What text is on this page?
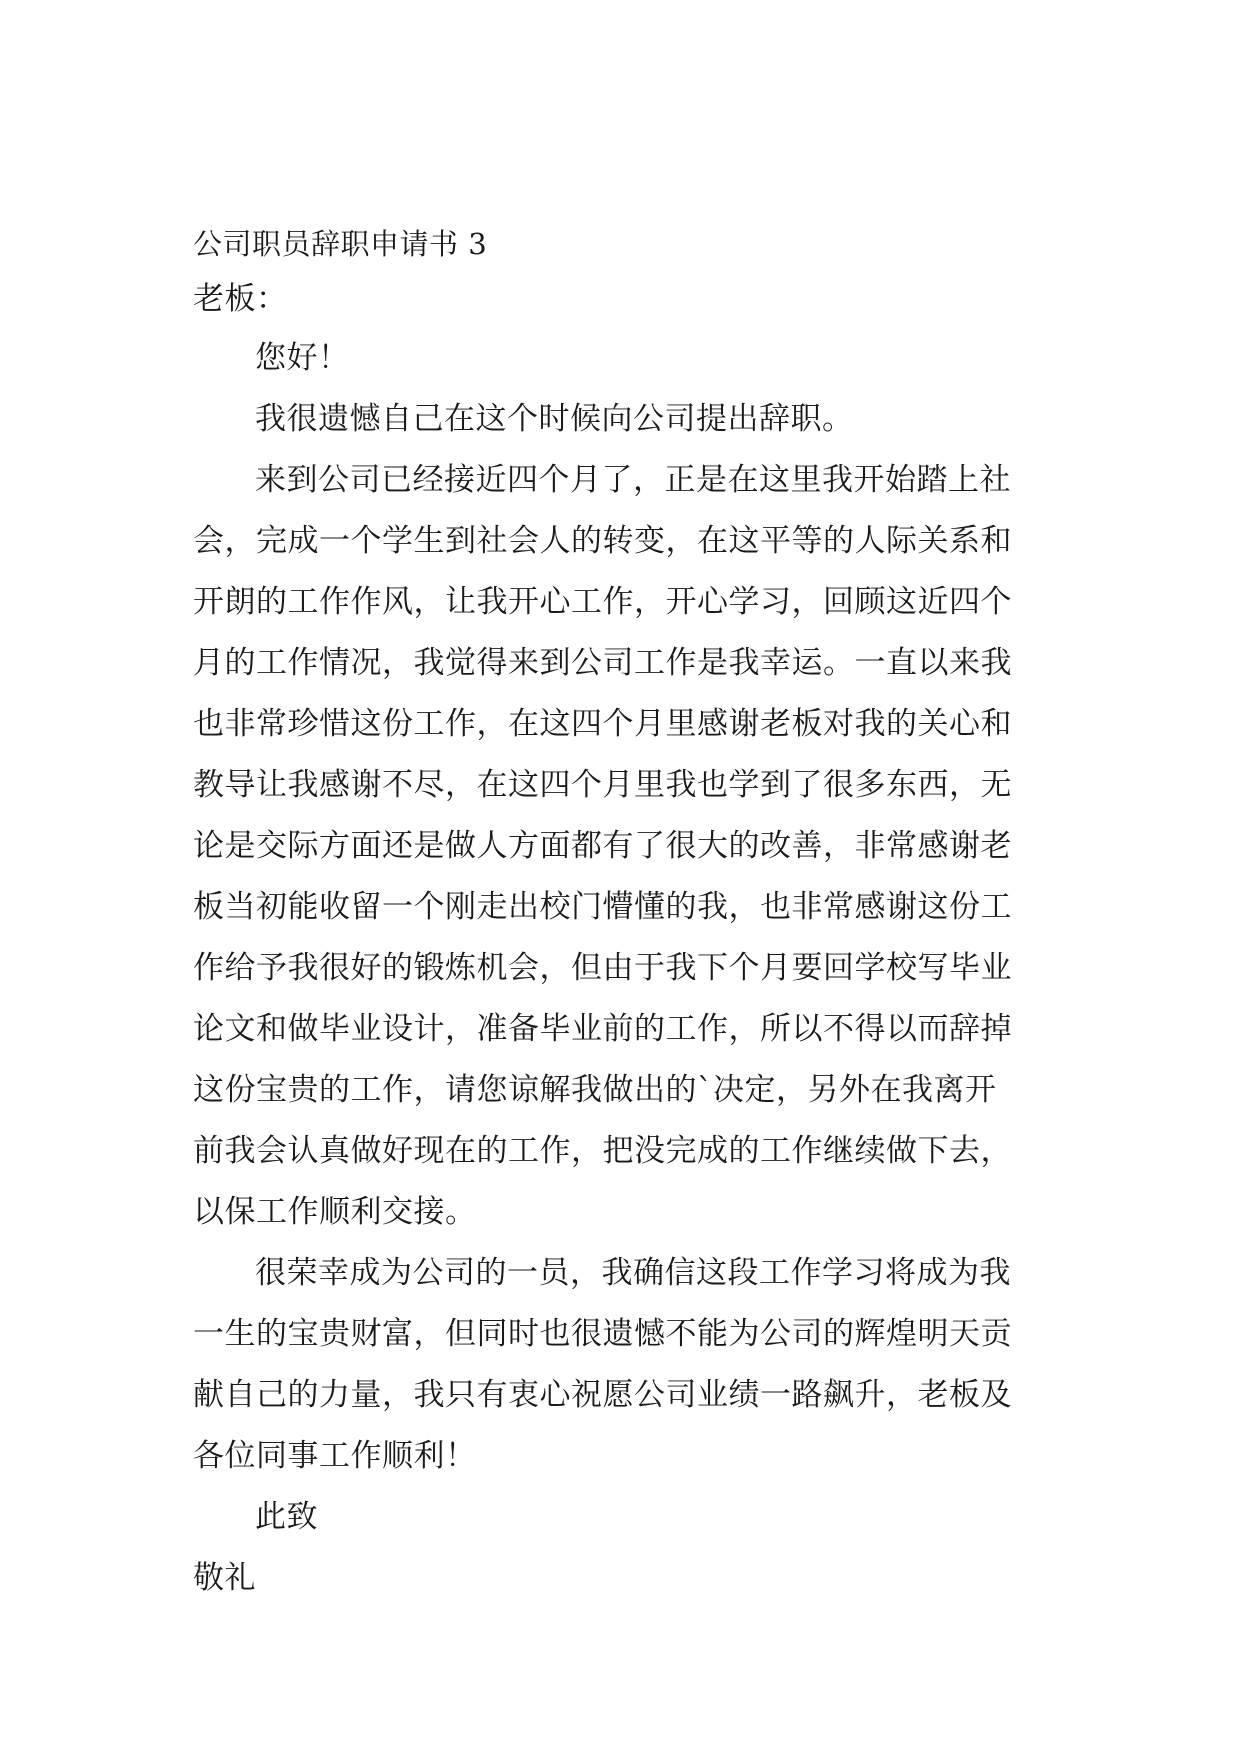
公司职员辞职申请书 3

老板：

您好！

我很遗憾自己在这个时候向公司提出辞职。

来到公司已经接近四个月了，正是在这里我开始踏上社

会，完成一个学生到社会人的转变，在这平等的人际关系和

开朗的工作作风，让我开心工作，开心学习，回顾这近四个

月的工作情况，我觉得来到公司工作是我幸运。一直以来我

也非常珍惜这份工作，在这四个月里感谢老板对我的关心和

教导让我感谢不尽，在这四个月里我也学到了很多东西，无

论是交际方面还是做人方面都有了很大的改善，非常感谢老

板当初能收留一个刚走出校门懵懂的我，也非常感谢这份工

作给予我很好的锻炼机会，但由于我下个月要回学校写毕业

论文和做毕业设计，准备毕业前的工作，所以不得以而辞掉

这份宝贵的工作，请您谅解我做出的`决定，另外在我离开

前我会认真做好现在的工作，把没完成的工作继续做下去，

以保工作顺利交接。

很荣幸成为公司的一员，我确信这段工作学习将成为我

一生的宝贵财富，但同时也很遗憾不能为公司的辉煌明天贡

献自己的力量，我只有衷心祝愿公司业绩一路飙升，老板及

各位同事工作顺利！

此致

敬礼
